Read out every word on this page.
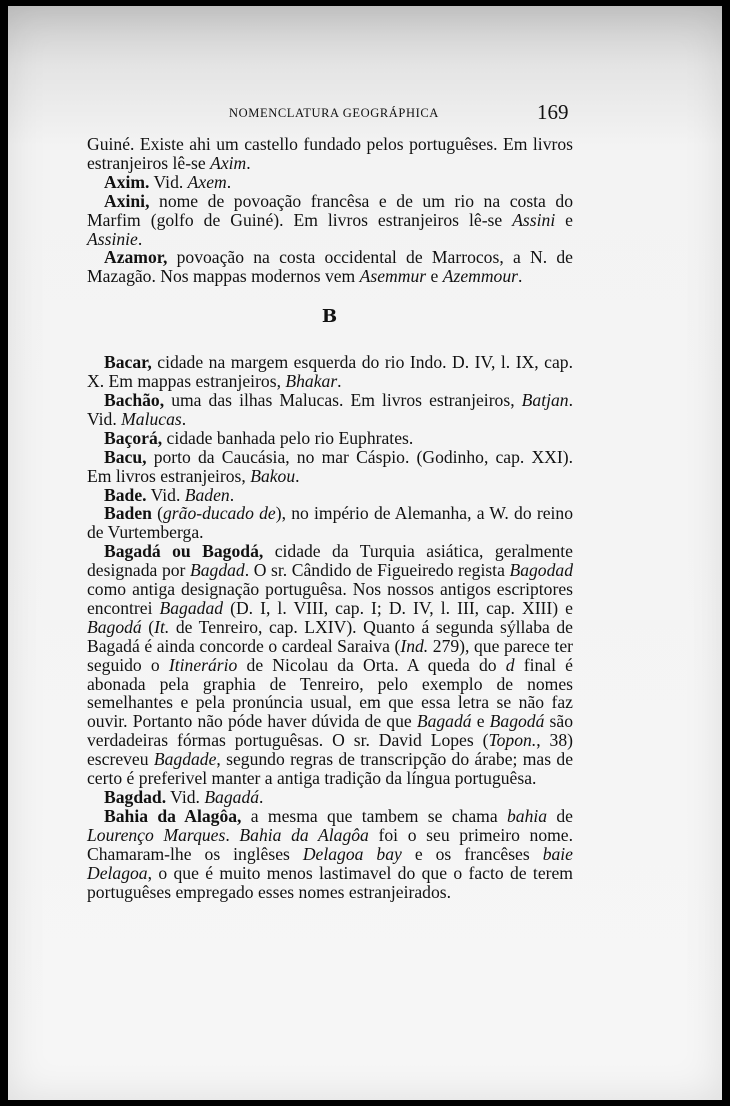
NOMENCLATURA GEOGRÁPHICA	169

Guiné. Existe ahi um castello fundado pelos portuguêses. Em livros estranjeiros lê-se Axim.

Axim. Vid. Axem.

Axini, nome de povoação francêsa e de um rio na costa do Marfim (golfo de Guiné). Em livros estranjeiros lê-se Assini e Assinie.

Azamor, povoação na costa occidental de Marrocos, a N. de Mazagão. Nos mappas modernos vem Asemmur e Azemmour.

B

Bacar, cidade na margem esquerda do rio Indo. D. IV, l. IX, cap. X. Em mappas estranjeiros, Bhakar.

Bachão, uma das ilhas Malucas. Em livros estranjeiros, Batjan. Vid. Malucas.

Baçorá, cidade banhada pelo rio Euphrates.

Bacu, porto da Caucásia, no mar Cáspio. (Godinho, cap. XXI). Em livros estranjeiros, Bakou.

Bade. Vid. Baden.

Baden (grão-ducado de), no império de Alemanha, a W. do reino de Vurtemberga.

Bagadá ou Bagodá, cidade da Turquia asiática, geralmente designada por Bagdad. O sr. Cândido de Figueiredo regista Bagodad como antiga designação portuguêsa. Nos nossos antigos escriptores encontrei Bagadad (D. I, l. VIII, cap. I; D. IV, l. III, cap. XIII) e Bagodá (It. de Tenreiro, cap. LXIV). Quanto á segunda sýllaba de Bagadá é ainda concorde o cardeal Saraiva (Ind. 279), que parece ter seguido o Itinerário de Nicolau da Orta. A queda do d final é abonada pela graphia de Tenreiro, pelo exemplo de nomes semelhantes e pela pronúncia usual, em que essa letra se não faz ouvir. Portanto não póde haver dúvida de que Bagadá e Bagodá são verdadeiras fórmas portuguêsas. O sr. David Lopes (Topon., 38) escreveu Bagdade, segundo regras de transcripção do árabe; mas de certo é preferivel manter a antiga tradição da língua portuguêsa.

Bagdad. Vid. Bagadá.

Bahia da Alagôa, a mesma que tambem se chama bahia de Lourenço Marques. Bahia da Alagôa foi o seu primeiro nome. Chamaram-lhe os inglêses Delagoa bay e os francêses baie Delagoa, o que é muito menos lastimavel do que o facto de terem portuguêses empregado esses nomes estranjeirados.
